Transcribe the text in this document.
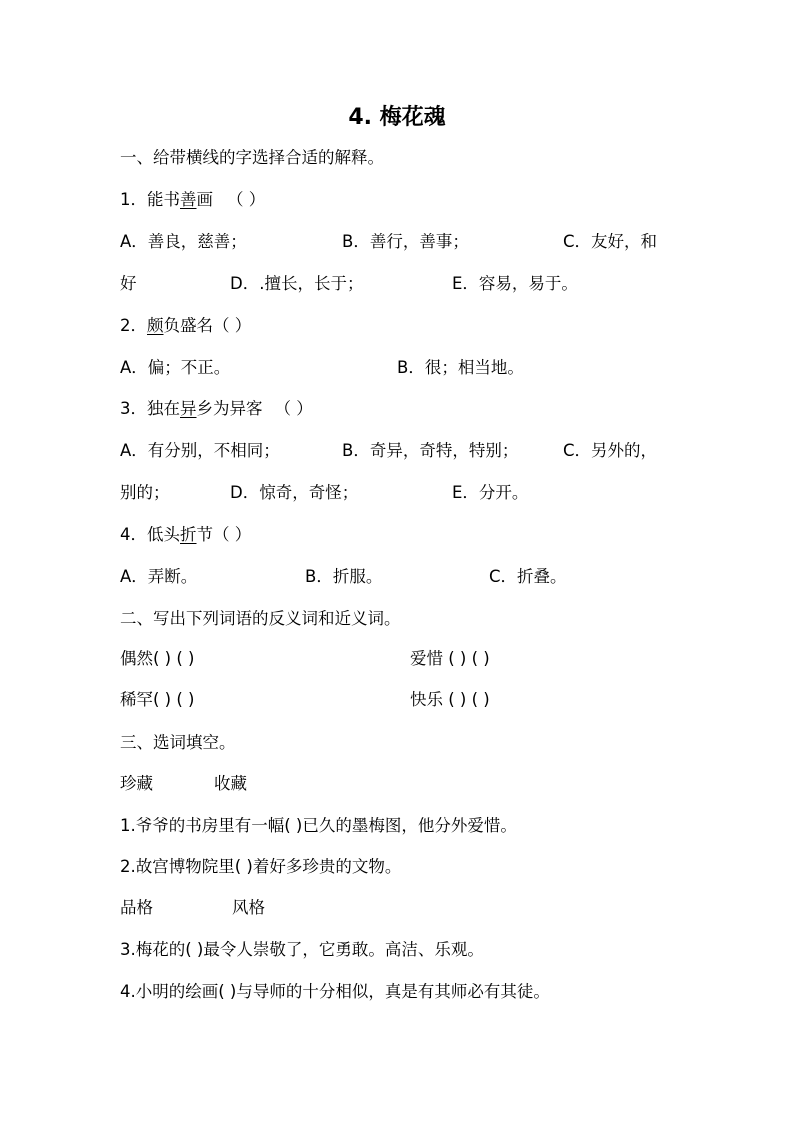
4. 梅花魂
一、给带横线的字选择合适的解释。
1．能书善画 （ ）
A．善良，慈善；	B．善行，善事；	C．友好，和
好	D．.擅长，长于；	E．容易，易于。
2．颇负盛名（ ）
A．偏；不正。	B．很；相当地。
3．独在异乡为异客 （ ）
A．有分别，不相同；	B．奇异，奇特，特别；	C．另外的，
别的；	D．惊奇，奇怪；	E．分开。
4．低头折节（ ）
A．弄断。	B．折服。	C．折叠。
二、写出下列词语的反义词和近义词。
偶然( ) ( )	爱惜 ( ) ( )
稀罕( ) ( )	快乐 ( ) ( )
三、选词填空。
珍藏	收藏
1.爷爷的书房里有一幅( )已久的墨梅图，他分外爱惜。
2.故宫博物院里( )着好多珍贵的文物。
品格	风格
3.梅花的( )最令人崇敬了，它勇敢。高洁、乐观。
4.小明的绘画( )与导师的十分相似，真是有其师必有其徒。
